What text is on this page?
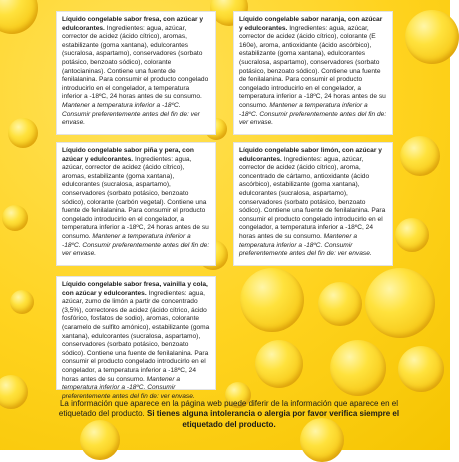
Líquido congelable sabor fresa, con azúcar y edulcorantes. Ingredientes: agua, azúcar, corrector de acidez (ácido cítrico), aromas, estabilizante (goma xantana), edulcorantes (sucralosa, aspartamo), conservadores (sorbato potásico, benzoato sódico), colorante (antocianinas). Contiene una fuente de fenilalanina. Para consumir el producto congelado introducirlo en el congelador, a temperatura inferior a -18ºC, 24 horas antes de su consumo. Mantener a temperatura inferior a -18ºC. Consumir preferentemente antes del fin de: ver envase.
Líquido congelable sabor naranja, con azúcar y edulcorantes. Ingredientes: agua, azúcar, corrector de acidez (ácido cítrico), colorante (E 160e), aroma, antioxidante (ácido ascórbico), estabilizante (goma xantana), edulcorantes (sucralosa, aspartamo), conservadores (sorbato potásico, benzoato sódico). Contiene una fuente de fenilalanina. Para consumir el producto congelado introducirlo en el congelador, a temperatura inferior a -18ºC, 24 horas antes de su consumo. Mantener a temperatura inferior a -18ºC. Consumir preferentemente antes del fin de: ver envase.
Líquido congelable sabor piña y pera, con azúcar y edulcorantes. Ingredientes: agua, azúcar, corrector de acidez (ácido cítrico), aromas, estabilizante (goma xantana), edulcorantes (sucralosa, aspartamo), conservadores (sorbato potásico, benzoato sódico), colorante (carbón vegetal). Contiene una fuente de fenilalanina. Para consumir el producto congelado introducirlo en el congelador, a temperatura inferior a -18ºC, 24 horas antes de su consumo. Mantener a temperatura inferior a -18ºC. Consumir preferentemente antes del fin de: ver envase.
Líquido congelable sabor limón, con azúcar y edulcorantes. Ingredientes: agua, azúcar, corrector de acidez (ácido cítrico), aroma, concentrado de cártamo, antioxidante (ácido ascórbico), estabilizante (goma xantana), edulcorantes (sucralosa, aspartamo), conservadores (sorbato potásico, benzoato sódico). Contiene una fuente de fenilalanina. Para consumir el producto congelado introducirlo en el congelador, a temperatura inferior a -18ºC, 24 horas antes de su consumo. Mantener a temperatura inferior a -18ºC. Consumir preferentemente antes del fin de: ver envase.
Líquido congelable sabor fresa, vainilla y cola, con azúcar y edulcorantes. Ingredientes: agua, azúcar, zumo de limón a partir de concentrado (3,5%), correctores de acidez (ácido cítrico, ácido fosfórico, fosfatos de sodio), aromas, colorante (caramelo de sulfito amónico), estabilizante (goma xantana), edulcorantes (sucralosa, aspartamo), conservadores (sorbato potásico, benzoato sódico). Contiene una fuente de fenilalanina. Para consumir el producto congelado introducirlo en el congelador, a temperatura inferior a -18ºC, 24 horas antes de su consumo. Mantener a temperatura inferior a -18ºC. Consumir preferentemente antes del fin de: ver envase.
La información que aparece en la página web puede diferir de la información que aparece en el etiquetado del producto. Si tienes alguna intolerancia o alergia por favor verifica siempre el etiquetado del producto.
